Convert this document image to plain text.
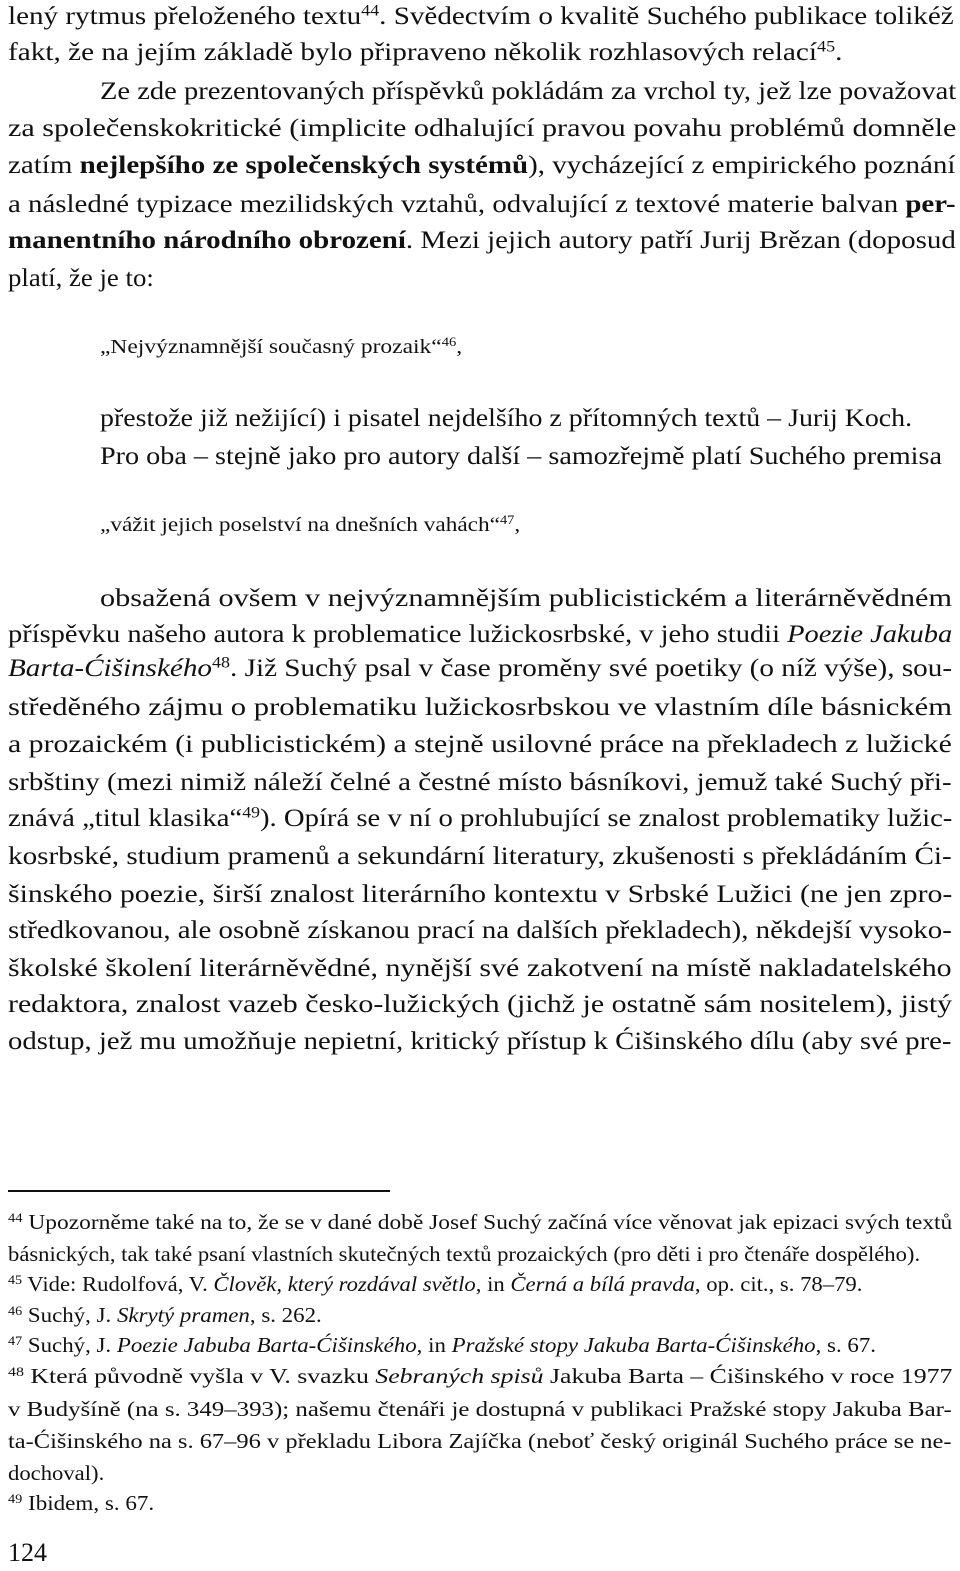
lený rytmus přeloženého textu$^{44}$. Svědectvím o kvalitě Suchého publikace tolikéž
fakt, že na jejím základě bylo připraveno několik rozhlasových relací$^{45}$.
Ze zde prezentovaných příspěvků pokládám za vrchol ty, jež lze považovat
za společenskokritické (implicite odhalující pravou povahu problémů domněle
zatím nejlepšího ze společenských systémů), vycházející z empirického poznání
a následné typizace mezilidských vztahů, odvalující z textové materie balvan per-
manentního národního obrození. Mezi jejich autory patří Jurij Brězan (doposud
platí, že je to:
„Nejvýznamnější současný prozaik“$^{46}$,
přestože již nežijící) i pisatel nejdelšího z přítomných textů – Jurij Koch.
Pro oba – stejně jako pro autory další – samozřejmě platí Suchého premisa
„vážit jejich poselství na dnešních vahách“$^{47}$,
obsažená ovšem v nejvýznamnějším publicistickém a literárněvědném
příspěvku našeho autora k problematice lužickosrbské, v jeho studii Poezie Jakuba
Barta-Ćišinského$^{48}$. Již Suchý psal v čase proměny své poetiky (o níž výše), sou-
středěného zájmu o problematiku lužickosrbskou ve vlastním díle básnickém
a prozaickém (i publicistickém) a stejně usilovné práce na překladech z lužické
srbštiny (mezi nimiž náleží čelné a čestné místo básníkovi, jemuž také Suchý při-
znává „titul klasika“$^{49}$). Opírá se v ní o prohlubující se znalost problematiky lužic-
kosrbské, studium pramenů a sekundární literatury, zkušenosti s překládáním Ći-
šinského poezie, širší znalost literárního kontextu v Srbské Lužici (ne jen zpro-
středkovanou, ale osobně získanou prací na dalších překladech), někdejší vysoko-
školské školení literárněvědné, nynější své zakotvení na místě nakladatelského
redaktora, znalost vazeb česko-lužických (jichž je ostatně sám nositelem), jistý
odstup, jež mu umožňuje nepietní, kritický přístup k Ćišinského dílu (aby své pre-
$^{44}$ Upozorněme také na to, že se v dané době Josef Suchý začíná více věnovat jak epizaci svých textů
básnických, tak také psaní vlastních skutečných textů prozaických (pro děti i pro čtenáře dospělého).
$^{45}$ Vide: Rudolfová, V. Člověk, který rozdával světlo, in Černá a bílá pravda, op. cit., s. 78–79.
$^{46}$ Suchý, J. Skrytý pramen, s. 262.
$^{47}$ Suchý, J. Poezie Jabuba Barta-Ćišinského, in Pražské stopy Jakuba Barta-Ćišinského, s. 67.
$^{48}$ Která původně vyšla v V. svazku Sebraných spisů Jakuba Barta – Ćišinského v roce 1977
v Budyšíně (na s. 349–393); našemu čtenáři je dostupná v publikaci Pražské stopy Jakuba Bar-
ta-Ćišinského na s. 67–96 v překladu Libora Zajíčka (neboť český originál Suchého práce se ne-
dochoval).
$^{49}$ Ibidem, s. 67.
124
